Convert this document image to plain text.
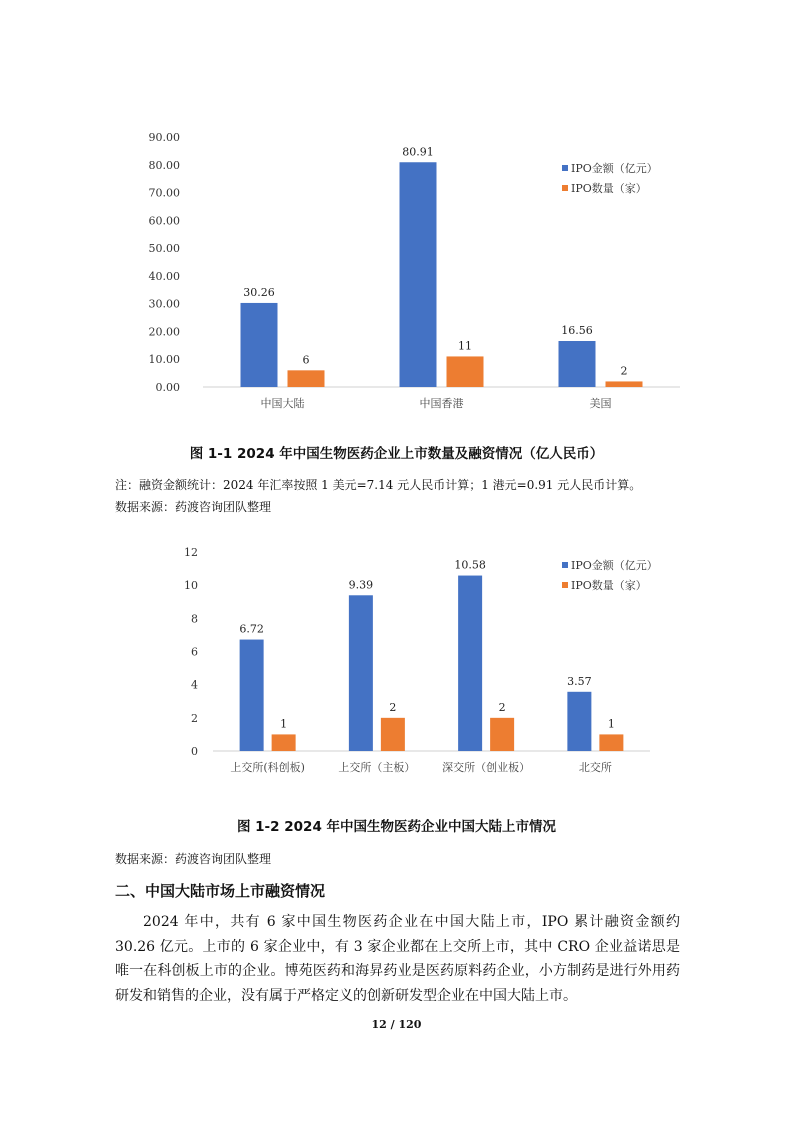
0.00
10.00
20.00
30.00
40.00
50.00
60.00
70.00
80.00
90.00
30.26
6
中国大陆
80.91
11
中国香港
16.56
2
美国
IPO金额（亿元）
IPO数量（家）
图 1-1 2024 年中国生物医药企业上市数量及融资情况（亿人民币）
注：融资金额统计：2024 年汇率按照 1 美元=7.14 元人民币计算；1 港元=0.91 元人民币计算。
数据来源：药渡咨询团队整理
0
2
4
6
8
10
12
6.72
1
上交所(科创板)
9.39
2
上交所（主板）
10.58
2
深交所（创业板）
3.57
1
北交所
IPO金额（亿元）
IPO数量（家）
图 1-2 2024 年中国生物医药企业中国大陆上市情况
数据来源：药渡咨询团队整理
二、中国大陆市场上市融资情况

2024 年中，共有 6 家中国生物医药企业在中国大陆上市，IPO 累计融资金额约 30.26 亿元。上市的 6 家企业中，有 3 家企业都在上交所上市，其中 CRO 企业益诺思是唯一在科创板上市的企业。博苑医药和海昇药业是医药原料药企业，小方制药是进行外用药研发和销售的企业，没有属于严格定义的创新研发型企业在中国大陆上市。

12 / 120
